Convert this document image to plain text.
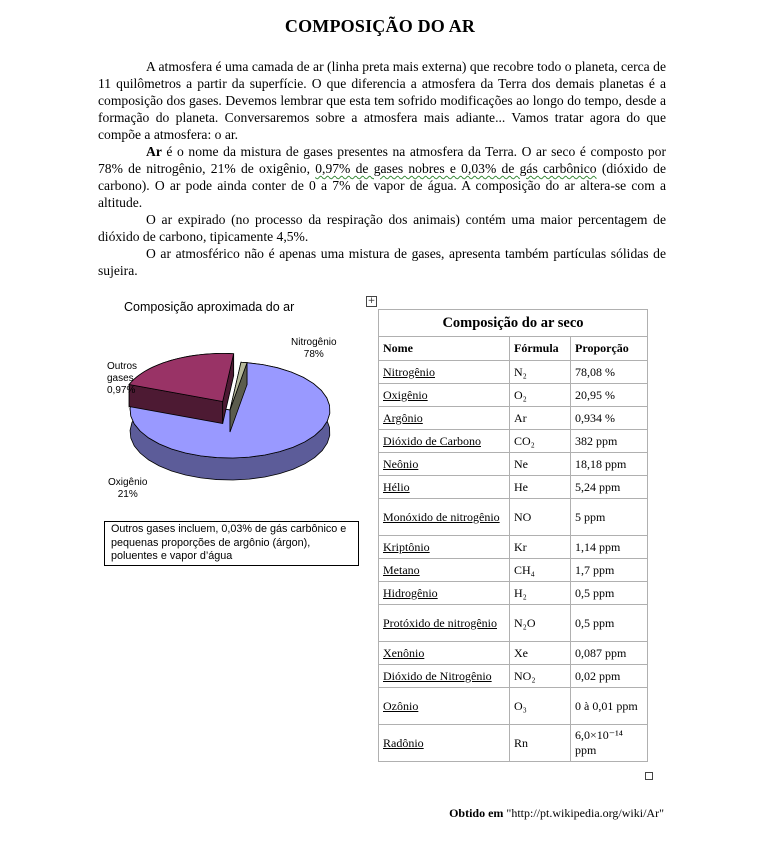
COMPOSIÇÃO DO AR

A atmosfera é uma camada de ar (linha preta mais externa) que recobre todo o planeta, cerca de 11 quilômetros a partir da superfície. O que diferencia a atmosfera da Terra dos demais planetas é a composição dos gases. Devemos lembrar que esta tem sofrido modificações ao longo do tempo, desde a formação do planeta. Conversaremos sobre a atmosfera mais adiante... Vamos tratar agora do que compõe a atmosfera: o ar.

Ar é o nome da mistura de gases presentes na atmosfera da Terra. O ar seco é composto por 78% de nitrogênio, 21% de oxigênio, 0,97% de gases nobres e 0,03% de gás carbônico (dióxido de carbono). O ar pode ainda conter de 0 a 7% de vapor de água. A composição do ar altera-se com a altitude.

O ar expirado (no processo da respiração dos animais) contém uma maior percentagem de dióxido de carbono, tipicamente 4,5%.

O ar atmosférico não é apenas uma mistura de gases, apresenta também partículas sólidas de sujeira.

Composição aproximada do ar
Nitrogênio
78%
Outros
gases
0,97%
Oxigênio
21%
Outros gases incluem, 0,03% de gás carbônico e pequenas proporções de argônio (árgon), poluentes e vapor d’água
+
Composição do ar seco		
Nome	Fórmula	Proporção
Nitrogênio	N₂	78,08 %
Oxigênio	O₂	20,95 %
Argônio	Ar	0,934 %
Dióxido de Carbono	CO₂	382 ppm
Neônio	Ne	18,18 ppm
Hélio	He	5,24 ppm
Monóxido de nitrogênio	NO	5 ppm
Kriptônio	Kr	1,14 ppm
Metano	CH₄	1,7 ppm
Hidrogênio	H₂	0,5 ppm
Protóxido de nitrogênio	N₂O	0,5 ppm
Xenônio	Xe	0,087 ppm
Dióxido de Nitrogênio	NO₂	0,02 ppm
Ozônio	O₃	0 à 0,01 ppm
Radônio	Rn	6,0×10⁻¹⁴ ppm
Obtido em "http://pt.wikipedia.org/wiki/Ar"
